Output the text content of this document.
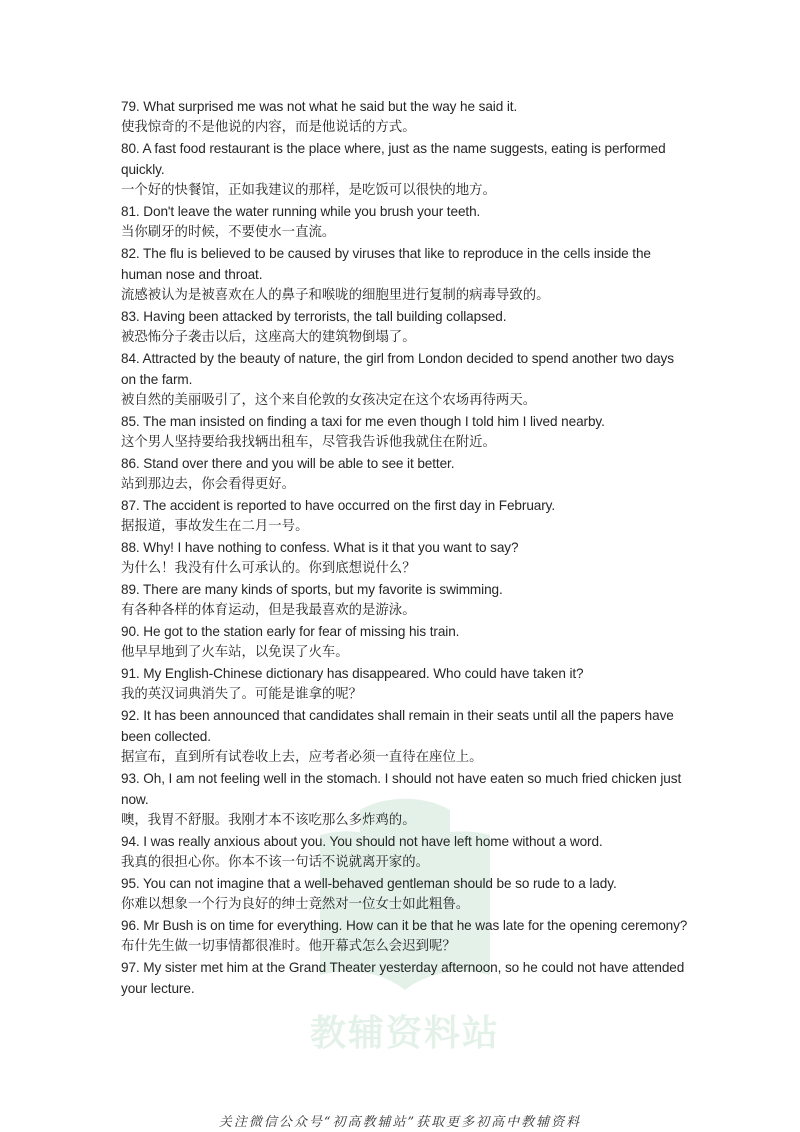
教辅资料站

79. What surprised me was not what he said but the way he said it.

使我惊奇的不是他说的内容，而是他说话的方式。

80. A fast food restaurant is the place where, just as the name suggests, eating is performed quickly.

一个好的快餐馆，正如我建议的那样，是吃饭可以很快的地方。

81. Don't leave the water running while you brush your teeth.

当你刷牙的时候，不要使水一直流。

82. The flu is believed to be caused by viruses that like to reproduce in the cells inside the human nose and throat.

流感被认为是被喜欢在人的鼻子和喉咙的细胞里进行复制的病毒导致的。

83. Having been attacked by terrorists, the tall building collapsed.

被恐怖分子袭击以后，这座高大的建筑物倒塌了。

84. Attracted by the beauty of nature, the girl from London decided to spend another two days on the farm.

被自然的美丽吸引了，这个来自伦敦的女孩决定在这个农场再待两天。

85. The man insisted on finding a taxi for me even though I told him I lived nearby.

这个男人坚持要给我找辆出租车，尽管我告诉他我就住在附近。

86. Stand over there and you will be able to see it better.

站到那边去，你会看得更好。

87. The accident is reported to have occurred on the first day in February.

据报道，事故发生在二月一号。

88. Why! I have nothing to confess. What is it that you want to say?

为什么！我没有什么可承认的。你到底想说什么？

89. There are many kinds of sports, but my favorite is swimming.

有各种各样的体育运动，但是我最喜欢的是游泳。

90. He got to the station early for fear of missing his train.

他早早地到了火车站，以免误了火车。

91. My English-Chinese dictionary has disappeared. Who could have taken it?

我的英汉词典消失了。可能是谁拿的呢？

92. It has been announced that candidates shall remain in their seats until all the papers have been collected.

据宣布，直到所有试卷收上去，应考者必须一直待在座位上。

93. Oh, I am not feeling well in the stomach. I should not have eaten so much fried chicken just now.

噢，我胃不舒服。我刚才本不该吃那么多炸鸡的。

94. I was really anxious about you. You should not have left home without a word.

我真的很担心你。你本不该一句话不说就离开家的。

95. You can not imagine that a well-behaved gentleman should be so rude to a lady.

你难以想象一个行为良好的绅士竟然对一位女士如此粗鲁。

96. Mr Bush is on time for everything. How can it be that he was late for the opening ceremony?

布什先生做一切事情都很准时。他开幕式怎么会迟到呢？

97. My sister met him at the Grand Theater yesterday afternoon, so he could not have attended your lecture.

关注微信公众号“初高教辅站”获取更多初高中教辅资料
